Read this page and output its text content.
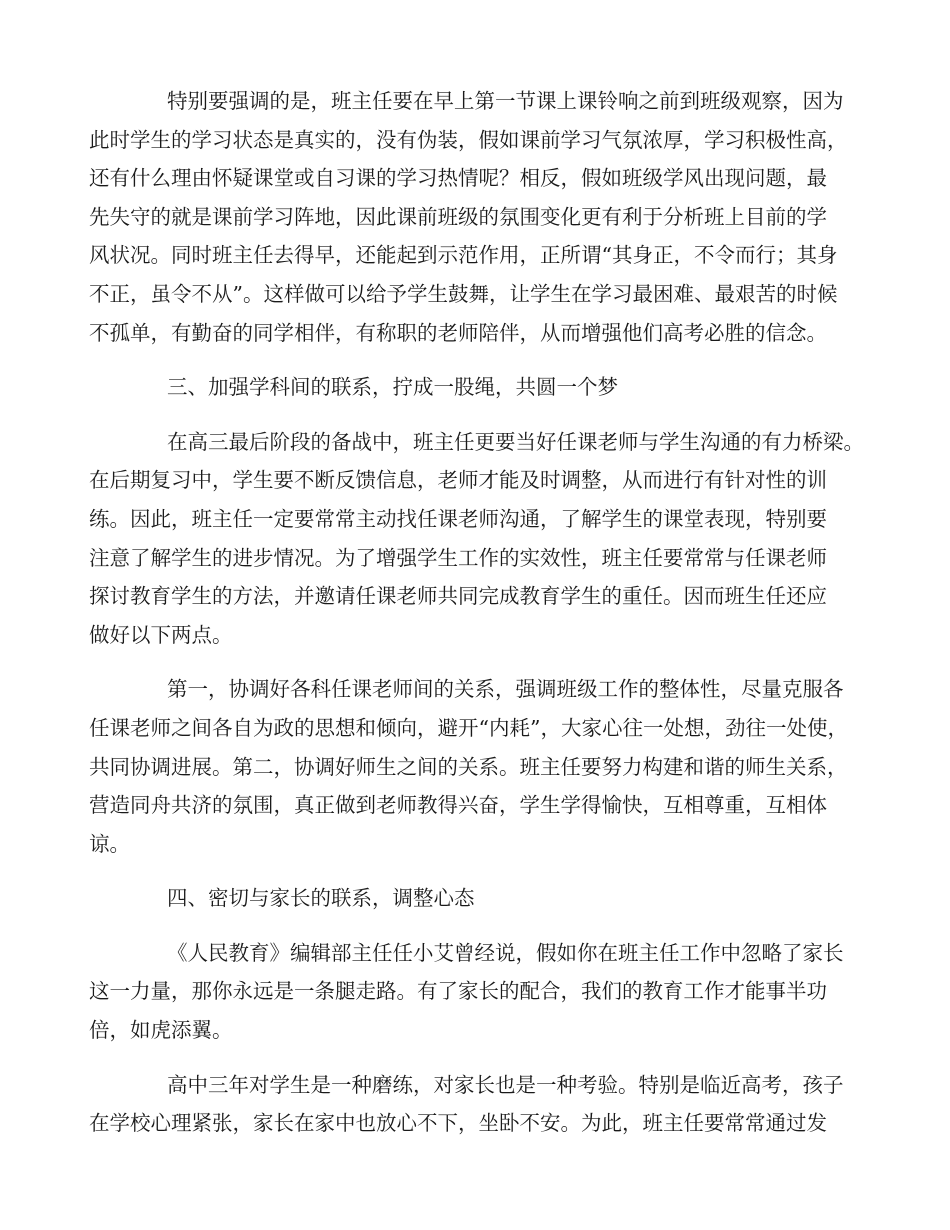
特别要强调的是，班主任要在早上第一节课上课铃响之前到班级观察，因为
此时学生的学习状态是真实的，没有伪装，假如课前学习气氛浓厚，学习积极性高，
还有什么理由怀疑课堂或自习课的学习热情呢？相反，假如班级学风出现问题，最
先失守的就是课前学习阵地，因此课前班级的氛围变化更有利于分析班上目前的学
风状况。同时班主任去得早，还能起到示范作用，正所谓“其身正，不令而行；其身
不正，虽令不从”。这样做可以给予学生鼓舞，让学生在学习最困难、最艰苦的时候
不孤单，有勤奋的同学相伴，有称职的老师陪伴，从而增强他们高考必胜的信念。
三、加强学科间的联系，拧成一股绳，共圆一个梦
在高三最后阶段的备战中，班主任更要当好任课老师与学生沟通的有力桥梁。
在后期复习中，学生要不断反馈信息，老师才能及时调整，从而进行有针对性的训
练。因此，班主任一定要常常主动找任课老师沟通，了解学生的课堂表现，特别要
注意了解学生的进步情况。为了增强学生工作的实效性，班主任要常常与任课老师
探讨教育学生的方法，并邀请任课老师共同完成教育学生的重任。因而班生任还应
做好以下两点。
第一，协调好各科任课老师间的关系，强调班级工作的整体性，尽量克服各
任课老师之间各自为政的思想和倾向，避开“内耗”，大家心往一处想，劲往一处使，
共同协调进展。第二，协调好师生之间的关系。班主任要努力构建和谐的师生关系，
营造同舟共济的氛围，真正做到老师教得兴奋，学生学得愉快，互相尊重，互相体
谅。
四、密切与家长的联系，调整心态
《人民教育》编辑部主任任小艾曾经说，假如你在班主任工作中忽略了家长
这一力量，那你永远是一条腿走路。有了家长的配合，我们的教育工作才能事半功
倍，如虎添翼。
高中三年对学生是一种磨练，对家长也是一种考验。特别是临近高考，孩子
在学校心理紧张，家长在家中也放心不下，坐卧不安。为此，班主任要常常通过发
